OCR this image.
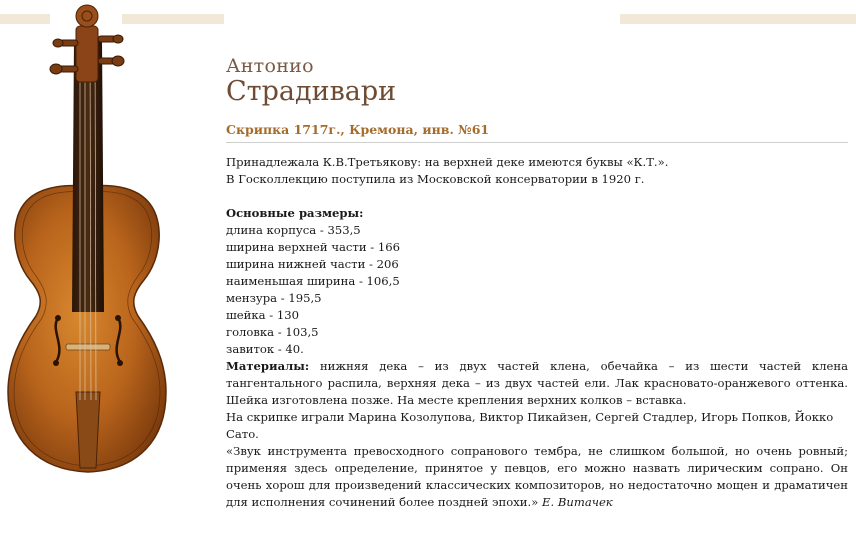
Антонио
Страдивари
Скрипка 1717г., Кремона, инв. №61

Принадлежала К.В.Третьякову: на верхней деке имеются буквы «К.Т.».

В Госколлекцию поступила из Московской консерватории в 1920 г.

Основные размеры:

длина корпуса - 353,5

ширина верхней части - 166

ширина нижней части - 206

наименьшая ширина - 106,5

мензура - 195,5

шейка - 130

головка - 103,5

завиток - 40.

Материалы: нижняя дека – из двух частей клена, обечайка – из шести частей клена тангентального распила, верхняя дека – из двух частей ели. Лак красновато-оранжевого оттенка. Шейка изготовлена позже. На месте крепления верхних колков – вставка.

На скрипке играли Марина Козолупова, Виктор Пикайзен, Сергей Стадлер, Игорь Попков, Йокко Сато.

«Звук инструмента превосходного сопранового тембра, не слишком большой, но очень ровный; применяя здесь определение, принятое у певцов, его можно назвать лирическим сопрано. Он очень хорош для произведений классических композиторов, но недостаточно мощен и драматичен для исполнения сочинений более поздней эпохи.» Е. Витачек
